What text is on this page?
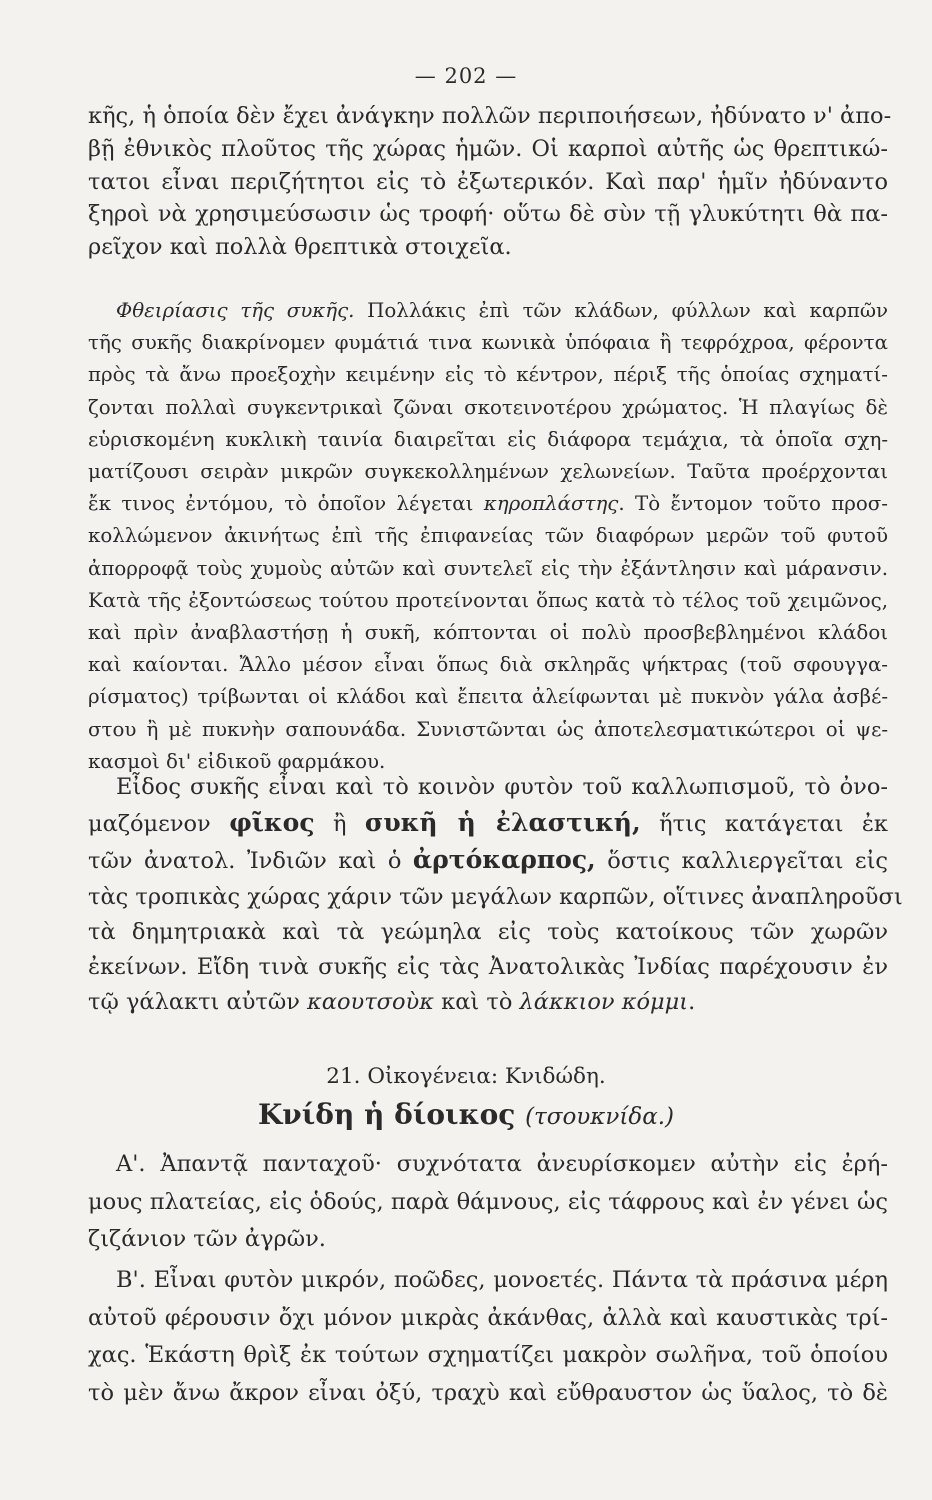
— 202 —
κῆς, ἡ ὁποία δὲν ἔχει ἀνάγκην πολλῶν περιποιήσεων, ἠδύνατο ν' ἀπο-
βῇ ἐθνικὸς πλοῦτος τῆς χώρας ἡμῶν. Οἱ καρποὶ αὐτῆς ὡς θρεπτικώ-
τατοι εἶναι περιζήτητοι εἰς τὸ ἐξωτερικόν. Καὶ παρ' ἡμῖν ἠδύναντο
ξηροὶ νὰ χρησιμεύσωσιν ὡς τροφή· οὕτω δὲ σὺν τῇ γλυκύτητι θὰ πα-
ρεῖχον καὶ πολλὰ θρεπτικὰ στοιχεῖα.
Φθειρίασις τῆς συκῆς. Πολλάκις ἐπὶ τῶν κλάδων, φύλλων καὶ καρπῶν
τῆς συκῆς διακρίνομεν φυμάτιά τινα κωνικὰ ὑπόφαια ἢ τεφρόχροα, φέροντα
πρὸς τὰ ἄνω προεξοχὴν κειμένην εἰς τὸ κέντρον, πέριξ τῆς ὁποίας σχηματί-
ζονται πολλαὶ συγκεντρικαὶ ζῶναι σκοτεινοτέρου χρώματος. Ἡ πλαγίως δὲ
εὑρισκομένη κυκλικὴ ταινία διαιρεῖται εἰς διάφορα τεμάχια, τὰ ὁποῖα σχη-
ματίζουσι σειρὰν μικρῶν συγκεκολλημένων χελωνείων. Ταῦτα προέρχονται
ἔκ τινος ἐντόμου, τὸ ὁποῖον λέγεται κηροπλάστης. Τὸ ἔντομον τοῦτο προσ-
κολλώμενον ἀκινήτως ἐπὶ τῆς ἐπιφανείας τῶν διαφόρων μερῶν τοῦ φυτοῦ
ἀπορροφᾷ τοὺς χυμοὺς αὐτῶν καὶ συντελεῖ εἰς τὴν ἐξάντλησιν καὶ μάρανσιν.
Κατὰ τῆς ἐξοντώσεως τούτου προτείνονται ὅπως κατὰ τὸ τέλος τοῦ χειμῶνος,
καὶ πρὶν ἀναβλαστήσῃ ἡ συκῆ, κόπτονται οἱ πολὺ προσβεβλημένοι κλάδοι
καὶ καίονται. Ἄλλο μέσον εἶναι ὅπως διὰ σκληρᾶς ψήκτρας (τοῦ σφουγγα-
ρίσματος) τρίβωνται οἱ κλάδοι καὶ ἔπειτα ἀλείφωνται μὲ πυκνὸν γάλα ἀσβέ-
στου ἢ μὲ πυκνὴν σαπουνάδα. Συνιστῶνται ὡς ἀποτελεσματικώτεροι οἱ ψε-
κασμοὶ δι' εἰδικοῦ φαρμάκου.
Εἶδος συκῆς εἶναι καὶ τὸ κοινὸν φυτὸν τοῦ καλλωπισμοῦ, τὸ ὀνο-
μαζόμενον φῖκος ἢ συκῆ ἡ ἐλαστική, ἥτις κατάγεται ἐκ
τῶν ἀνατολ. Ἰνδιῶν καὶ ὁ ἀρτόκαρπος, ὅστις καλλιεργεῖται εἰς
τὰς τροπικὰς χώρας χάριν τῶν μεγάλων καρπῶν, οἵτινες ἀναπληροῦσι
τὰ δημητριακὰ καὶ τὰ γεώμηλα εἰς τοὺς κατοίκους τῶν χωρῶν
ἐκείνων. Εἴδη τινὰ συκῆς εἰς τὰς Ἀνατολικὰς Ἰνδίας παρέχουσιν ἐν
τῷ γάλακτι αὐτῶν καουτσοὺκ καὶ τὸ λάκκιον κόμμι.
21. Οἰκογένεια: Κνιδώδη.
Κνίδη ἡ δίοικος (τσουκνίδα.)
Α'. Ἀπαντᾷ πανταχοῦ· συχνότατα ἀνευρίσκομεν αὐτὴν εἰς ἐρή-
μους πλατείας, εἰς ὁδούς, παρὰ θάμνους, εἰς τάφρους καὶ ἐν γένει ὡς
ζιζάνιον τῶν ἀγρῶν.
Β'. Εἶναι φυτὸν μικρόν, ποῶδες, μονοετές. Πάντα τὰ πράσινα μέρη
αὐτοῦ φέρουσιν ὄχι μόνον μικρὰς ἀκάνθας, ἀλλὰ καὶ καυστικὰς τρί-
χας. Ἑκάστη θρὶξ ἐκ τούτων σχηματίζει μακρὸν σωλῆνα, τοῦ ὁποίου
τὸ μὲν ἄνω ἄκρον εἶναι ὀξύ, τραχὺ καὶ εὔθραυστον ὡς ὕαλος, τὸ δὲ
